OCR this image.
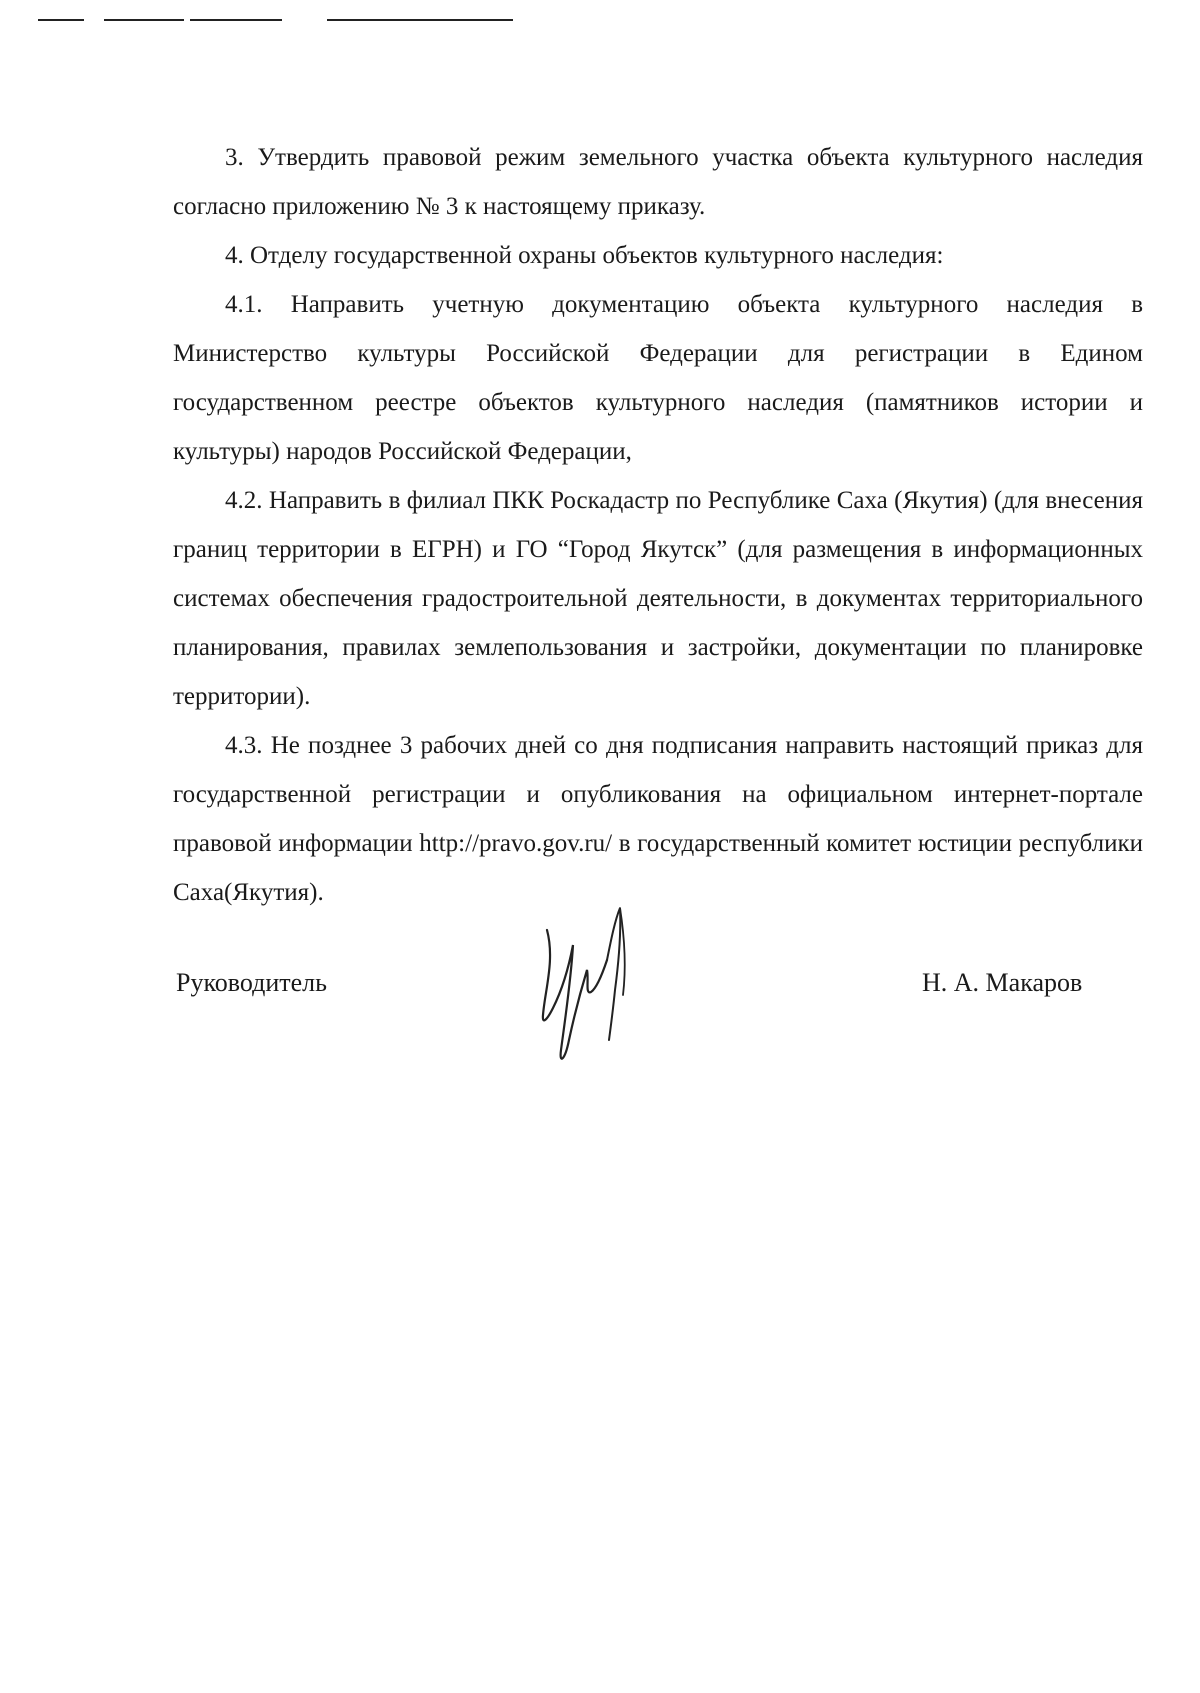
3. Утвердить правовой режим земельного участка объекта культурного наследия согласно приложению № 3 к настоящему приказу.

4. Отделу государственной охраны объектов культурного наследия:

4.1. Направить учетную документацию объекта культурного наследия в Министерство культуры Российской Федерации для регистрации в Едином государственном реестре объектов культурного наследия (памятников истории и культуры) народов Российской Федерации,

4.2. Направить в филиал ПКК Роскадастр по Республике Саха (Якутия) (для внесения границ территории в ЕГРН) и ГО “Город Якутск” (для размещения в информационных системах обеспечения градостроительной деятельности, в документах территориального планирования, правилах землепользования и застройки, документации по планировке территории).

4.3. Не позднее 3 рабочих дней со дня подписания направить настоящий приказ для государственной регистрации и опубликования на официальном интернет-портале правовой информации http://pravo.gov.ru/ в государственный комитет юстиции республики Саха(Якутия).

Руководитель	Н. А. Макаров
